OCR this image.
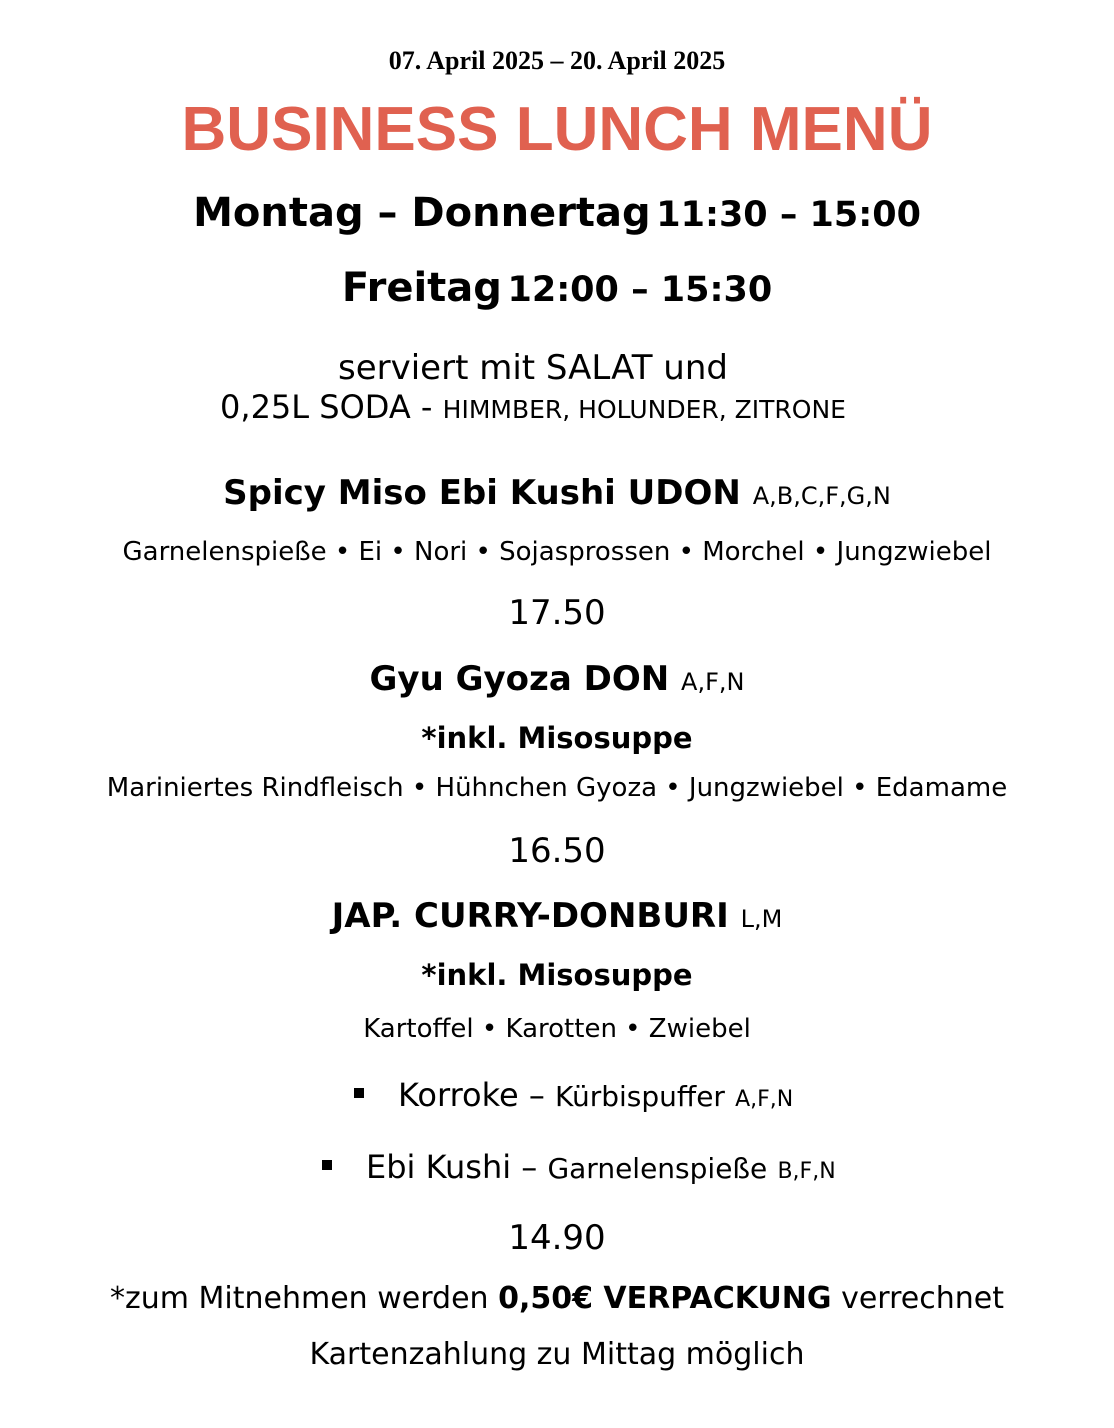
07. April 2025 – 20. April 2025
BUSINESS LUNCH MENÜ
Montag – Donnertag 11:30 – 15:00
Freitag 12:00 – 15:30
serviert mit SALAT und
0,25L SODA - HIMMBER, HOLUNDER, ZITRONE
Spicy Miso Ebi Kushi UDON A,B,C,F,G,N
Garnelenspieße • Ei • Nori • Sojasprossen • Morchel • Jungzwiebel
17.50
Gyu Gyoza DON A,F,N
*inkl. Misosuppe
Mariniertes Rindfleisch • Hühnchen Gyoza • Jungzwiebel • Edamame
16.50
JAP. CURRY-DONBURI L,M
*inkl. Misosuppe
Kartoffel • Karotten • Zwiebel
Korroke – Kürbispuffer A,F,N
Ebi Kushi – Garnelenspieße B,F,N
14.90
*zum Mitnehmen werden 0,50€ VERPACKUNG verrechnet
Kartenzahlung zu Mittag möglich
